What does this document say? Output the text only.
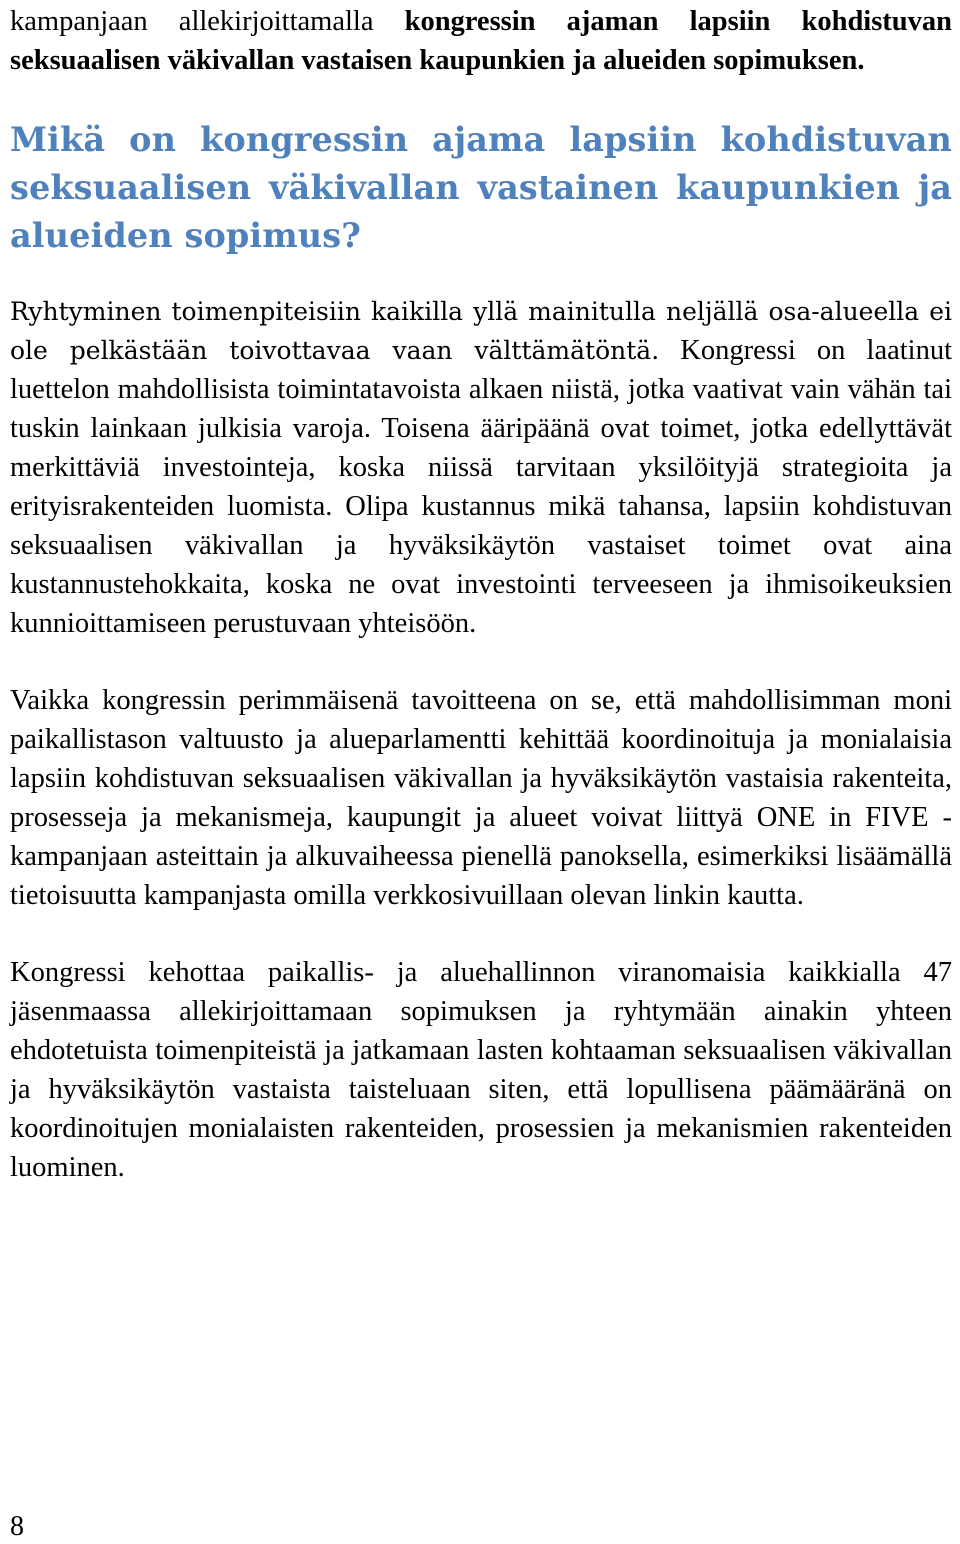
kampanjaan allekirjoittamalla kongressin ajaman lapsiin kohdistuvan seksuaalisen väkivallan vastaisen kaupunkien ja alueiden sopimuksen.

Mikä on kongressin ajama lapsiin kohdistuvan seksuaalisen väkivallan vastainen kaupunkien ja alueiden sopimus?

Ryhtyminen toimenpiteisiin kaikilla yllä mainitulla neljällä osa-alueella ei ole pelkästään toivottavaa vaan välttämätöntä. Kongressi on laatinut luettelon mahdollisista toimintatavoista alkaen niistä, jotka vaativat vain vähän tai tuskin lainkaan julkisia varoja. Toisena ääripäänä ovat toimet, jotka edellyttävät merkittäviä investointeja, koska niissä tarvitaan yksilöityjä strategioita ja erityisrakenteiden luomista. Olipa kustannus mikä tahansa, lapsiin kohdistuvan seksuaalisen väkivallan ja hyväksikäytön vastaiset toimet ovat aina kustannustehokkaita, koska ne ovat investointi terveeseen ja ihmisoikeuksien kunnioittamiseen perustuvaan yhteisöön.

Vaikka kongressin perimmäisenä tavoitteena on se, että mahdollisimman moni paikallistason valtuusto ja alueparlamentti kehittää koordinoituja ja monialaisia lapsiin kohdistuvan seksuaalisen väkivallan ja hyväksikäytön vastaisia rakenteita, prosesseja ja mekanismeja, kaupungit ja alueet voivat liittyä ONE in FIVE -kampanjaan asteittain ja alkuvaiheessa pienellä panoksella, esimerkiksi lisäämällä tietoisuutta kampanjasta omilla verkkosivuillaan olevan linkin kautta.

Kongressi kehottaa paikallis- ja aluehallinnon viranomaisia kaikkialla 47 jäsenmaassa allekirjoittamaan sopimuksen ja ryhtymään ainakin yhteen ehdotetuista toimenpiteistä ja jatkamaan lasten kohtaaman seksuaalisen väkivallan ja hyväksikäytön vastaista taisteluaan siten, että lopullisena päämääränä on koordinoitujen monialaisten rakenteiden, prosessien ja mekanismien rakenteiden luominen.

8
